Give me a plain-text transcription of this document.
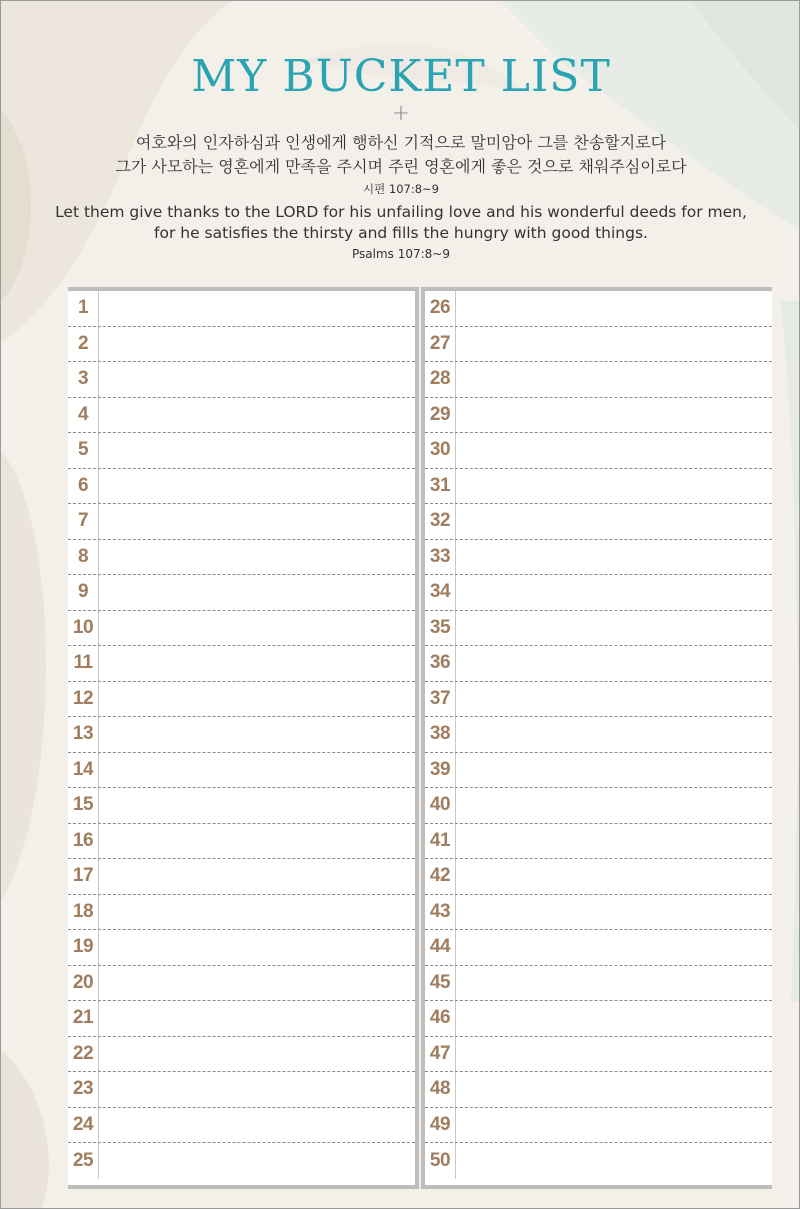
MY BUCKET LIST
+
여호와의 인자하심과 인생에게 행하신 기적으로 말미암아 그를 찬송할지로다
그가 사모하는 영혼에게 만족을 주시며 주린 영혼에게 좋은 것으로 채워주심이로다
시편 107:8~9
Let them give thanks to the LORD for his unfailing love and his wonderful deeds for men,
for he satisfies the thirsty and fills the hungry with good things.
Psalms 107:8~9
1
2
3
4
5
6
7
8
9
10
11
12
13
14
15
16
17
18
19
20
21
22
23
24
25
26
27
28
29
30
31
32
33
34
35
36
37
38
39
40
41
42
43
44
45
46
47
48
49
50
